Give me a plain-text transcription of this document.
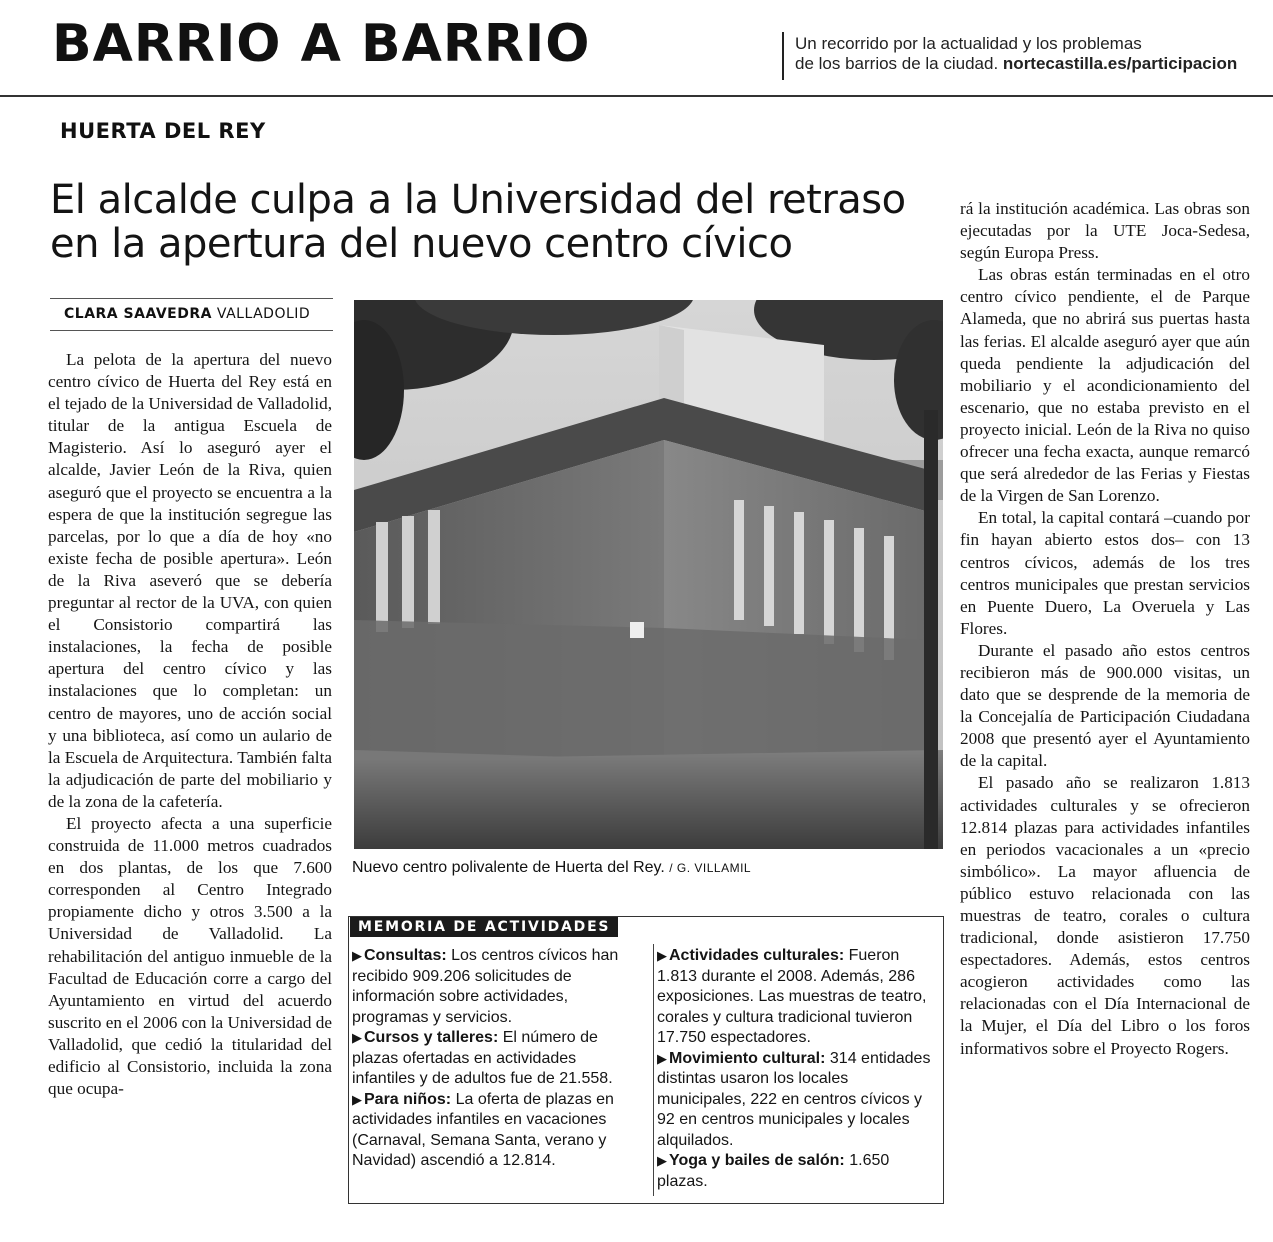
BARRIO A BARRIO	Un recorrido por la actualidad y los problemas
de los barrios de la ciudad. nortecastilla.es/participacion
HUERTA DEL REY
El alcalde culpa a la Universidad del retraso en la apertura del nuevo centro cívico
CLARA SAAVEDRA VALLADOLID

La pelota de la apertura del nuevo centro cívico de Huerta del Rey está en el tejado de la Universidad de Valladolid, titular de la antigua Escuela de Magisterio. Así lo aseguró ayer el alcalde, Javier León de la Riva, quien aseguró que el proyecto se encuentra a la espera de que la institución segregue las parcelas, por lo que a día de hoy «no existe fecha de posible apertura». León de la Riva aseveró que se debería preguntar al rector de la UVA, con quien el Consistorio compartirá las instalaciones, la fecha de posible apertura del centro cívico y las instalaciones que lo completan: un centro de mayores, uno de acción social y una biblioteca, así como un aulario de la Escuela de Arquitectura. También falta la adjudicación de parte del mobiliario y de la zona de la cafetería.

El proyecto afecta a una superficie construida de 11.000 metros cuadrados en dos plantas, de los que 7.600 corresponden al Centro Integrado propiamente dicho y otros 3.500 a la Universidad de Valladolid. La rehabilitación del antiguo inmueble de la Facultad de Educación corre a cargo del Ayuntamiento en virtud del acuerdo suscrito en el 2006 con la Universidad de Valladolid, que cedió la titularidad del edificio al Consistorio, incluida la zona que ocupa-

Nuevo centro polivalente de Huerta del Rey. / G. VILLAMIL
MEMORIA DE ACTIVIDADES
▶ Consultas: Los centros cívicos han recibido 909.206 solicitudes de información sobre actividades, programas y servicios.
▶ Cursos y talleres: El número de plazas ofertadas en actividades infantiles y de adultos fue de 21.558.
▶ Para niños: La oferta de plazas en actividades infantiles en vacaciones (Carnaval, Semana Santa, verano y Navidad) ascendió a 12.814.
▶ Actividades culturales: Fueron 1.813 durante el 2008. Además, 286 exposiciones. Las muestras de teatro, corales y cultura tradicional tuvieron 17.750 espectadores.
▶ Movimiento cultural: 314 entidades distintas usaron los locales municipales, 222 en centros cívicos y 92 en centros municipales y locales alquilados.
▶ Yoga y bailes de salón: 1.650 plazas.

rá la institución académica. Las obras son ejecutadas por la UTE Joca-Sedesa, según Europa Press.

Las obras están terminadas en el otro centro cívico pendiente, el de Parque Alameda, que no abrirá sus puertas hasta las ferias. El alcalde aseguró ayer que aún queda pendiente la adjudicación del mobiliario y el acondicionamiento del escenario, que no estaba previsto en el proyecto inicial. León de la Riva no quiso ofrecer una fecha exacta, aunque remarcó que será alrededor de las Ferias y Fiestas de la Virgen de San Lorenzo.

En total, la capital contará –cuando por fin hayan abierto estos dos– con 13 centros cívicos, además de los tres centros municipales que prestan servicios en Puente Duero, La Overuela y Las Flores.

Durante el pasado año estos centros recibieron más de 900.000 visitas, un dato que se desprende de la memoria de la Concejalía de Participación Ciudadana 2008 que presentó ayer el Ayuntamiento de la capital.

El pasado año se realizaron 1.813 actividades culturales y se ofrecieron 12.814 plazas para actividades infantiles en periodos vacacionales a un «precio simbólico». La mayor afluencia de público estuvo relacionada con las muestras de teatro, corales o cultura tradicional, donde asistieron 17.750 espectadores. Además, estos centros acogieron actividades como las relacionadas con el Día Internacional de la Mujer, el Día del Libro o los foros informativos sobre el Proyecto Rogers.
